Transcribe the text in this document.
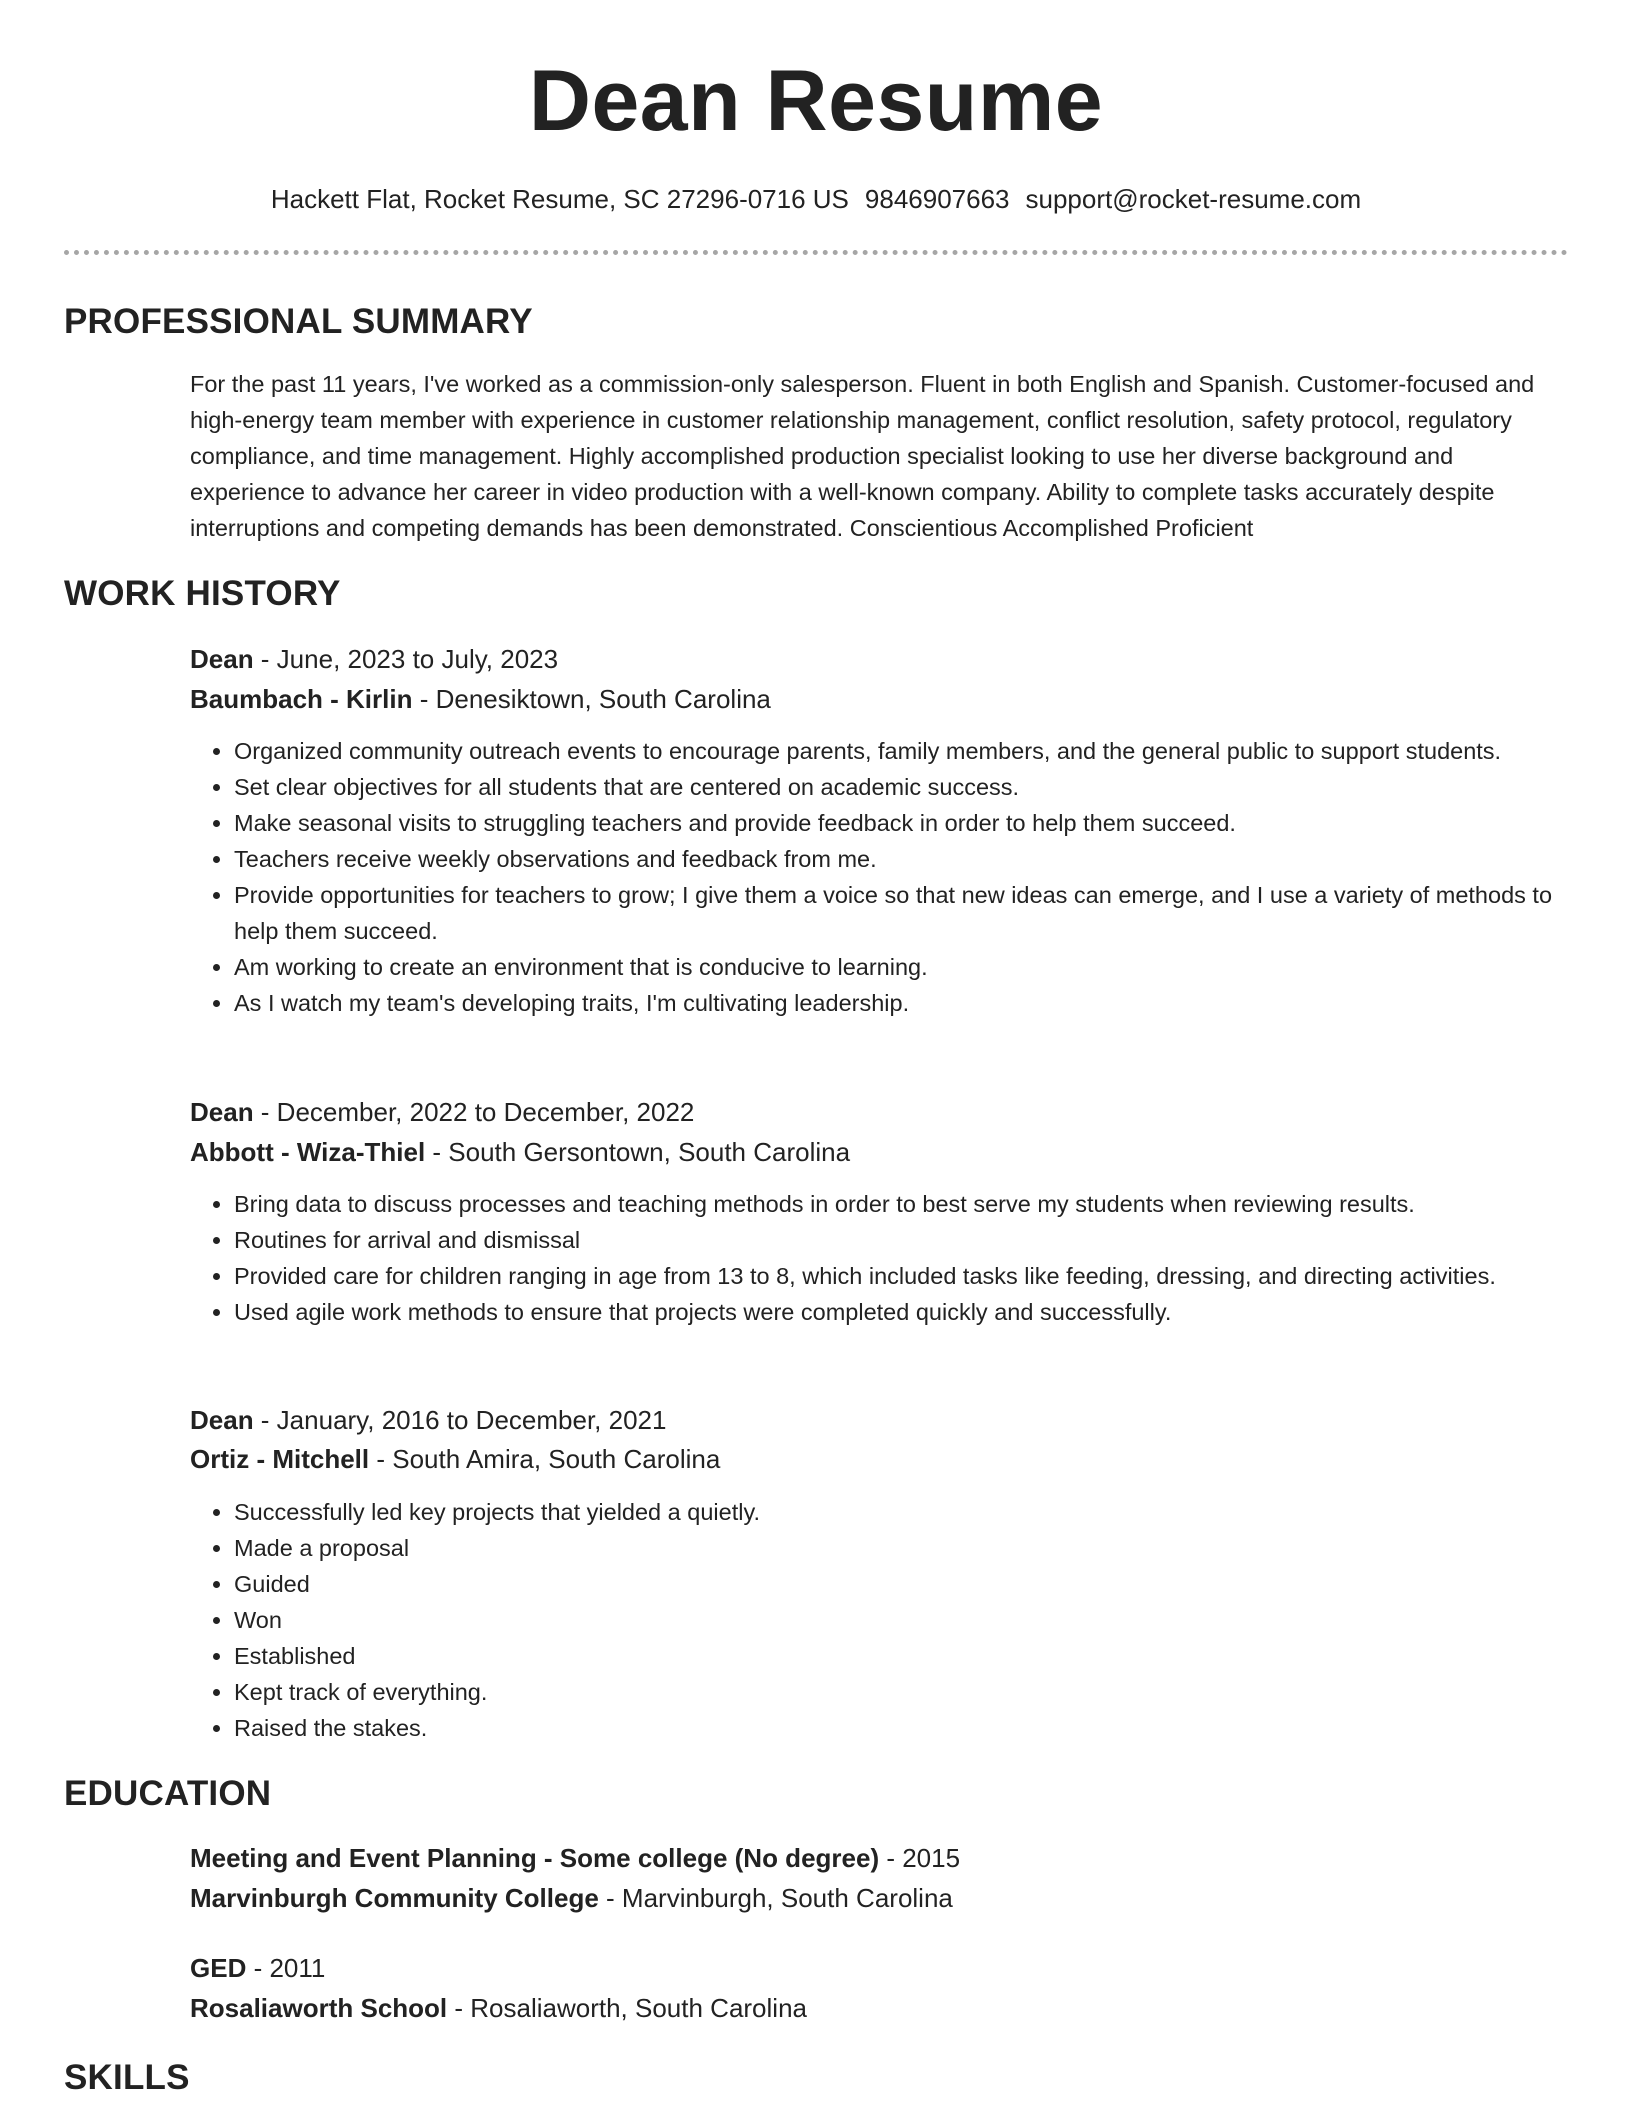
Dean Resume
Hackett Flat, Rocket Resume, SC 27296-0716 US 9846907663 support@rocket-resume.com
PROFESSIONAL SUMMARY

For the past 11 years, I've worked as a commission-only salesperson. Fluent in both English and Spanish. Customer-focused and high-energy team member with experience in customer relationship management, conflict resolution, safety protocol, regulatory compliance, and time management. Highly accomplished production specialist looking to use her diverse background and experience to advance her career in video production with a well-known company. Ability to complete tasks accurately despite interruptions and competing demands has been demonstrated. Conscientious Accomplished Proficient

WORK HISTORY
Dean - June, 2023 to July, 2023
Baumbach - Kirlin - Denesiktown, South Carolina
• Organized community outreach events to encourage parents, family members, and the general public to support students.
• Set clear objectives for all students that are centered on academic success.
• Make seasonal visits to struggling teachers and provide feedback in order to help them succeed.
• Teachers receive weekly observations and feedback from me.
• Provide opportunities for teachers to grow; I give them a voice so that new ideas can emerge, and I use a variety of methods to help them succeed.
• Am working to create an environment that is conducive to learning.
• As I watch my team's developing traits, I'm cultivating leadership.
Dean - December, 2022 to December, 2022
Abbott - Wiza-Thiel - South Gersontown, South Carolina
• Bring data to discuss processes and teaching methods in order to best serve my students when reviewing results.
• Routines for arrival and dismissal
• Provided care for children ranging in age from 13 to 8, which included tasks like feeding, dressing, and directing activities.
• Used agile work methods to ensure that projects were completed quickly and successfully.
Dean - January, 2016 to December, 2021
Ortiz - Mitchell - South Amira, South Carolina
• Successfully led key projects that yielded a quietly.
• Made a proposal
• Guided
• Won
• Established
• Kept track of everything.
• Raised the stakes.
EDUCATION
Meeting and Event Planning - Some college (No degree) - 2015
Marvinburgh Community College - Marvinburgh, South Carolina
GED - 2011
Rosaliaworth School - Rosaliaworth, South Carolina
SKILLS
